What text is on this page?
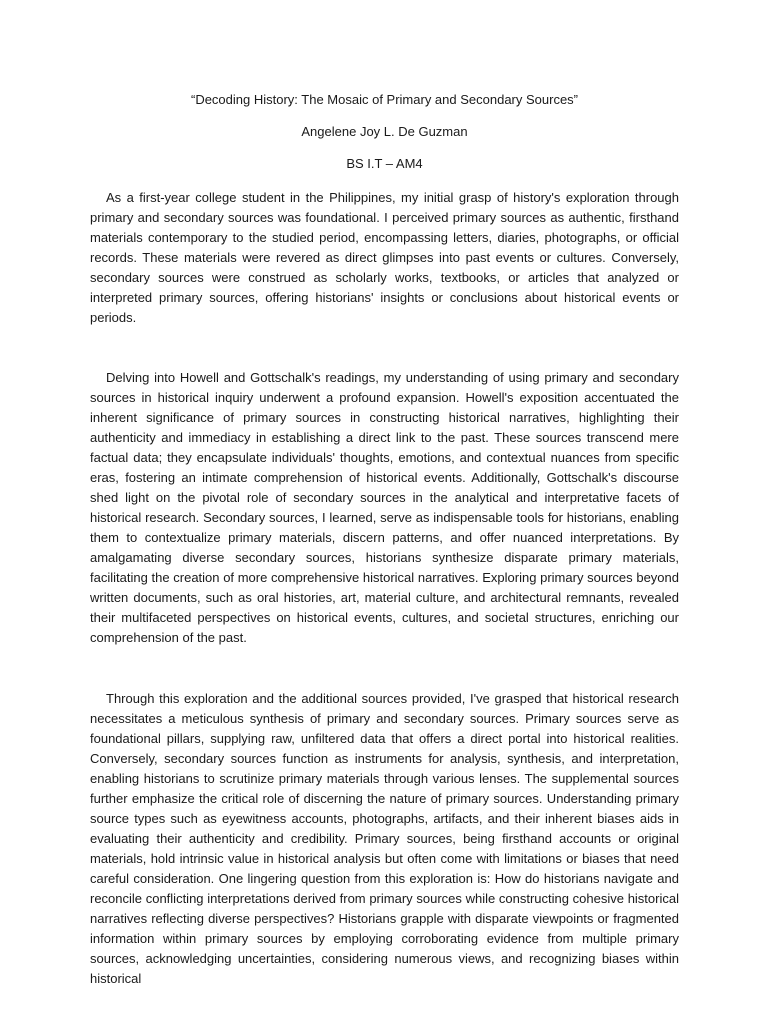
“Decoding History: The Mosaic of Primary and Secondary Sources”

Angelene Joy L. De Guzman

BS I.T – AM4

As a first-year college student in the Philippines, my initial grasp of history's exploration through primary and secondary sources was foundational. I perceived primary sources as authentic, firsthand materials contemporary to the studied period, encompassing letters, diaries, photographs, or official records. These materials were revered as direct glimpses into past events or cultures. Conversely, secondary sources were construed as scholarly works, textbooks, or articles that analyzed or interpreted primary sources, offering historians' insights or conclusions about historical events or periods.

Delving into Howell and Gottschalk's readings, my understanding of using primary and secondary sources in historical inquiry underwent a profound expansion. Howell's exposition accentuated the inherent significance of primary sources in constructing historical narratives, highlighting their authenticity and immediacy in establishing a direct link to the past. These sources transcend mere factual data; they encapsulate individuals' thoughts, emotions, and contextual nuances from specific eras, fostering an intimate comprehension of historical events. Additionally, Gottschalk's discourse shed light on the pivotal role of secondary sources in the analytical and interpretative facets of historical research. Secondary sources, I learned, serve as indispensable tools for historians, enabling them to contextualize primary materials, discern patterns, and offer nuanced interpretations. By amalgamating diverse secondary sources, historians synthesize disparate primary materials, facilitating the creation of more comprehensive historical narratives. Exploring primary sources beyond written documents, such as oral histories, art, material culture, and architectural remnants, revealed their multifaceted perspectives on historical events, cultures, and societal structures, enriching our comprehension of the past.

Through this exploration and the additional sources provided, I've grasped that historical research necessitates a meticulous synthesis of primary and secondary sources. Primary sources serve as foundational pillars, supplying raw, unfiltered data that offers a direct portal into historical realities. Conversely, secondary sources function as instruments for analysis, synthesis, and interpretation, enabling historians to scrutinize primary materials through various lenses. The supplemental sources further emphasize the critical role of discerning the nature of primary sources. Understanding primary source types such as eyewitness accounts, photographs, artifacts, and their inherent biases aids in evaluating their authenticity and credibility. Primary sources, being firsthand accounts or original materials, hold intrinsic value in historical analysis but often come with limitations or biases that need careful consideration. One lingering question from this exploration is: How do historians navigate and reconcile conflicting interpretations derived from primary sources while constructing cohesive historical narratives reflecting diverse perspectives? Historians grapple with disparate viewpoints or fragmented information within primary sources by employing corroborating evidence from multiple primary sources, acknowledging uncertainties, considering numerous views, and recognizing biases within historical
